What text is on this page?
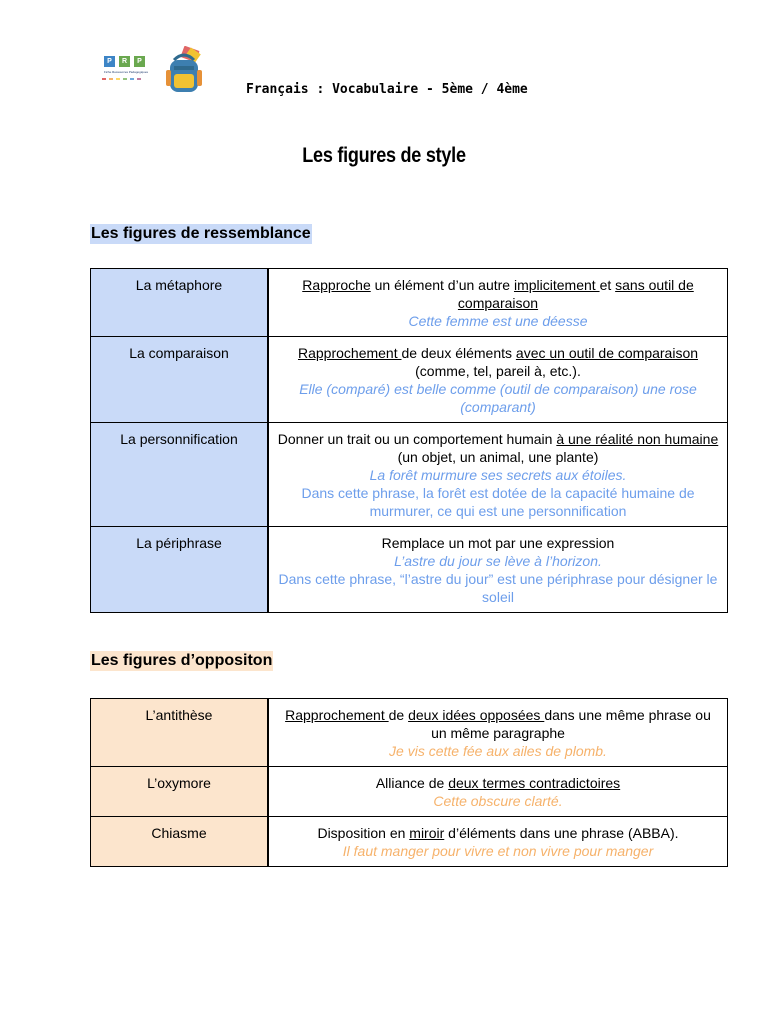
P	R	P
Fiche Ressources Pédagogiques
Français : Vocabulaire - 5ème / 4ème
Les figures de style
Les figures de ressemblance
La métaphore	Rapproche un élément d’un autre implicitement et sans outil de comparaison
Cette femme est une déesse

La comparaison	Rapprochement de deux éléments avec un outil de comparaison (comme, tel, pareil à, etc.).
Elle (comparé) est belle comme (outil de comparaison) une rose (comparant)

La personnification	Donner un trait ou un comportement humain à une réalité non humaine (un objet, un animal, une plante)
La forêt murmure ses secrets aux étoiles.
Dans cette phrase, la forêt est dotée de la capacité humaine de murmurer, ce qui est une personnification

La périphrase	Remplace un mot par une expression
L’astre du jour se lève à l’horizon.
Dans cette phrase, “l’astre du jour” est une périphrase pour désigner le soleil
Les figures d’oppositon
L’antithèse	Rapprochement de deux idées opposées dans une même phrase ou un même paragraphe
Je vis cette fée aux ailes de plomb.

L’oxymore	Alliance de deux termes contradictoires
Cette obscure clarté.

Chiasme	Disposition en miroir d’éléments dans une phrase (ABBA).
Il faut manger pour vivre et non vivre pour manger
